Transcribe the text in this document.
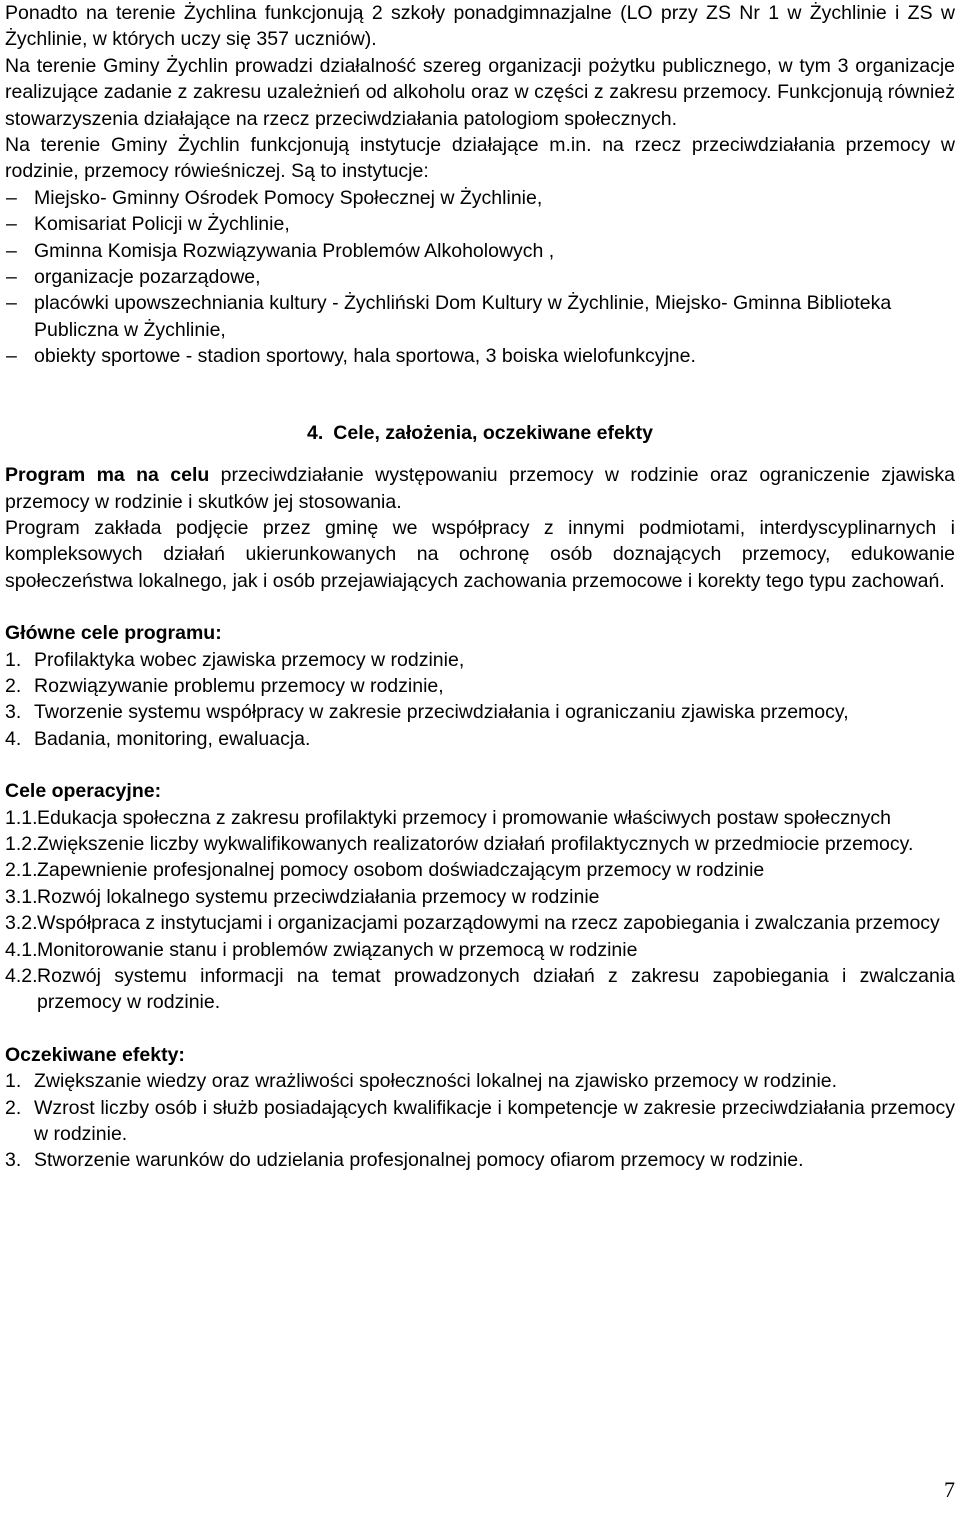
Ponadto na terenie Żychlina funkcjonują 2 szkoły ponadgimnazjalne (LO przy ZS Nr 1 w Żychlinie i ZS w Żychlinie, w których uczy się 357 uczniów).

Na terenie Gminy Żychlin prowadzi działalność szereg organizacji pożytku publicznego, w tym 3 organizacje realizujące zadanie z zakresu uzależnień od alkoholu oraz w części z zakresu przemocy. Funkcjonują również stowarzyszenia działające na rzecz przeciwdziałania patologiom społecznych.

Na terenie Gminy Żychlin funkcjonują instytucje działające m.in. na rzecz przeciwdziałania przemocy w rodzinie, przemocy rówieśniczej. Są to instytucje:

– Miejsko- Gminny Ośrodek Pomocy Społecznej w Żychlinie,
– Komisariat Policji w Żychlinie,
– Gminna Komisja Rozwiązywania Problemów Alkoholowych ,
– organizacje pozarządowe,
– placówki upowszechniania kultury - Żychliński Dom Kultury w Żychlinie, Miejsko- Gminna Biblioteka Publiczna w Żychlinie,
– obiekty sportowe - stadion sportowy, hala sportowa, 3 boiska wielofunkcyjne.
4. Cele, założenia, oczekiwane efekty

Program ma na celu przeciwdziałanie występowaniu przemocy w rodzinie oraz ograniczenie zjawiska przemocy w rodzinie i skutków jej stosowania.

Program zakłada podjęcie przez gminę we współpracy z innymi podmiotami, interdyscyplinarnych i kompleksowych działań ukierunkowanych na ochronę osób doznających przemocy, edukowanie społeczeństwa lokalnego, jak i osób przejawiających zachowania przemocowe i korekty tego typu zachowań.

Główne cele programu:
1. Profilaktyka wobec zjawiska przemocy w rodzinie,
2. Rozwiązywanie problemu przemocy w rodzinie,
3. Tworzenie systemu współpracy w zakresie przeciwdziałania i ograniczaniu zjawiska przemocy,
4. Badania, monitoring, ewaluacja.
Cele operacyjne:
1.1. Edukacja społeczna z zakresu profilaktyki przemocy i promowanie właściwych postaw społecznych
1.2. Zwiększenie liczby wykwalifikowanych realizatorów działań profilaktycznych w przedmiocie przemocy.
2.1. Zapewnienie profesjonalnej pomocy osobom doświadczającym przemocy w rodzinie
3.1. Rozwój lokalnego systemu przeciwdziałania przemocy w rodzinie
3.2. Współpraca z instytucjami i organizacjami pozarządowymi na rzecz zapobiegania i zwalczania przemocy
4.1. Monitorowanie stanu i problemów związanych w przemocą w rodzinie
4.2. Rozwój systemu informacji na temat prowadzonych działań z zakresu zapobiegania i zwalczania przemocy w rodzinie.
Oczekiwane efekty:
1. Zwiększanie wiedzy oraz wrażliwości społeczności lokalnej na zjawisko przemocy w rodzinie.
2. Wzrost liczby osób i służb posiadających kwalifikacje i kompetencje w zakresie przeciwdziałania przemocy w rodzinie.
3. Stworzenie warunków do udzielania profesjonalnej pomocy ofiarom przemocy w rodzinie.
7
